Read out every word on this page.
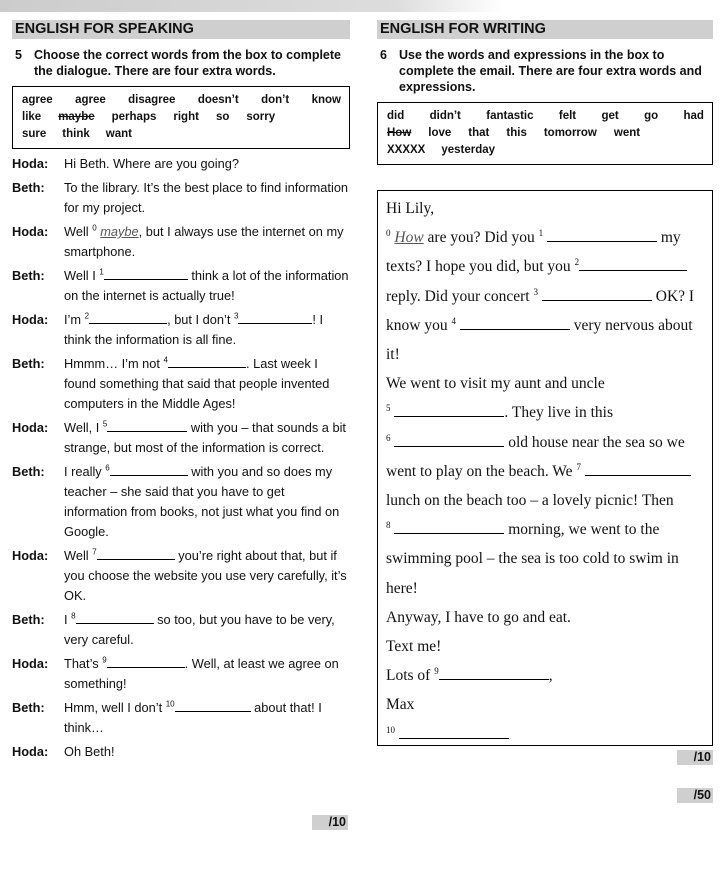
ENGLISH FOR SPEAKING
5 Choose the correct words from the box to complete the dialogue. There are four extra words.
agree agree disagree doesn’t don’t know
like maybe perhaps right so sorry
sure think want
Hoda:	Hi Beth. Where are you going?
Beth:	To the library. It’s the best place to find information for my project.
Hoda:	Well $^0$ maybe, but I always use the internet on my smartphone.
Beth:	Well I $^1$	think a lot of the information on the internet is actually true!
Hoda:	I’m $^2$	, but I don’t $^3$	! I think the information is all fine.
Beth:	Hmmm… I’m not $^4$	. Last week I found something that said that people invented computers in the Middle Ages!
Hoda:	Well, I $^5$	with you – that sounds a bit strange, but most of the information is correct.
Beth:	I really $^6$	with you and so does my teacher – she said that you have to get information from books, not just what you find on Google.
Hoda:	Well $^7$	you’re right about that, but if you choose the website you use very carefully, it’s OK.
Beth:	I $^8$	so too, but you have to be very, very careful.
Hoda:	That’s $^9$	. Well, at least we agree on something!
Beth:	Hmm, well I don’t $^{10}$	about that! I think…
Hoda:	Oh Beth!
/10
ENGLISH FOR WRITING
6 Use the words and expressions in the box to complete the email. There are four extra words and expressions.
did didn’t fantastic felt get go had
How love that this tomorrow went
XXXXX yesterday
Hi Lily,
$^0$ How are you? Did you $^1$	my
texts? I hope you did, but you $^2$
reply. Did your concert $^3$	OK? I
know you $^4$	very nervous about
it!
We went to visit my aunt and uncle
$^5$	. They live in this
$^6$	old house near the sea so we
went to play on the beach. We $^7$
lunch on the beach too – a lovely picnic! Then
$^8$	morning, we went to the
swimming pool – the sea is too cold to swim in
here!
Anyway, I have to go and eat.
Text me!
Lots of $^9$	,
Max
$^{10}$
/10
/50
